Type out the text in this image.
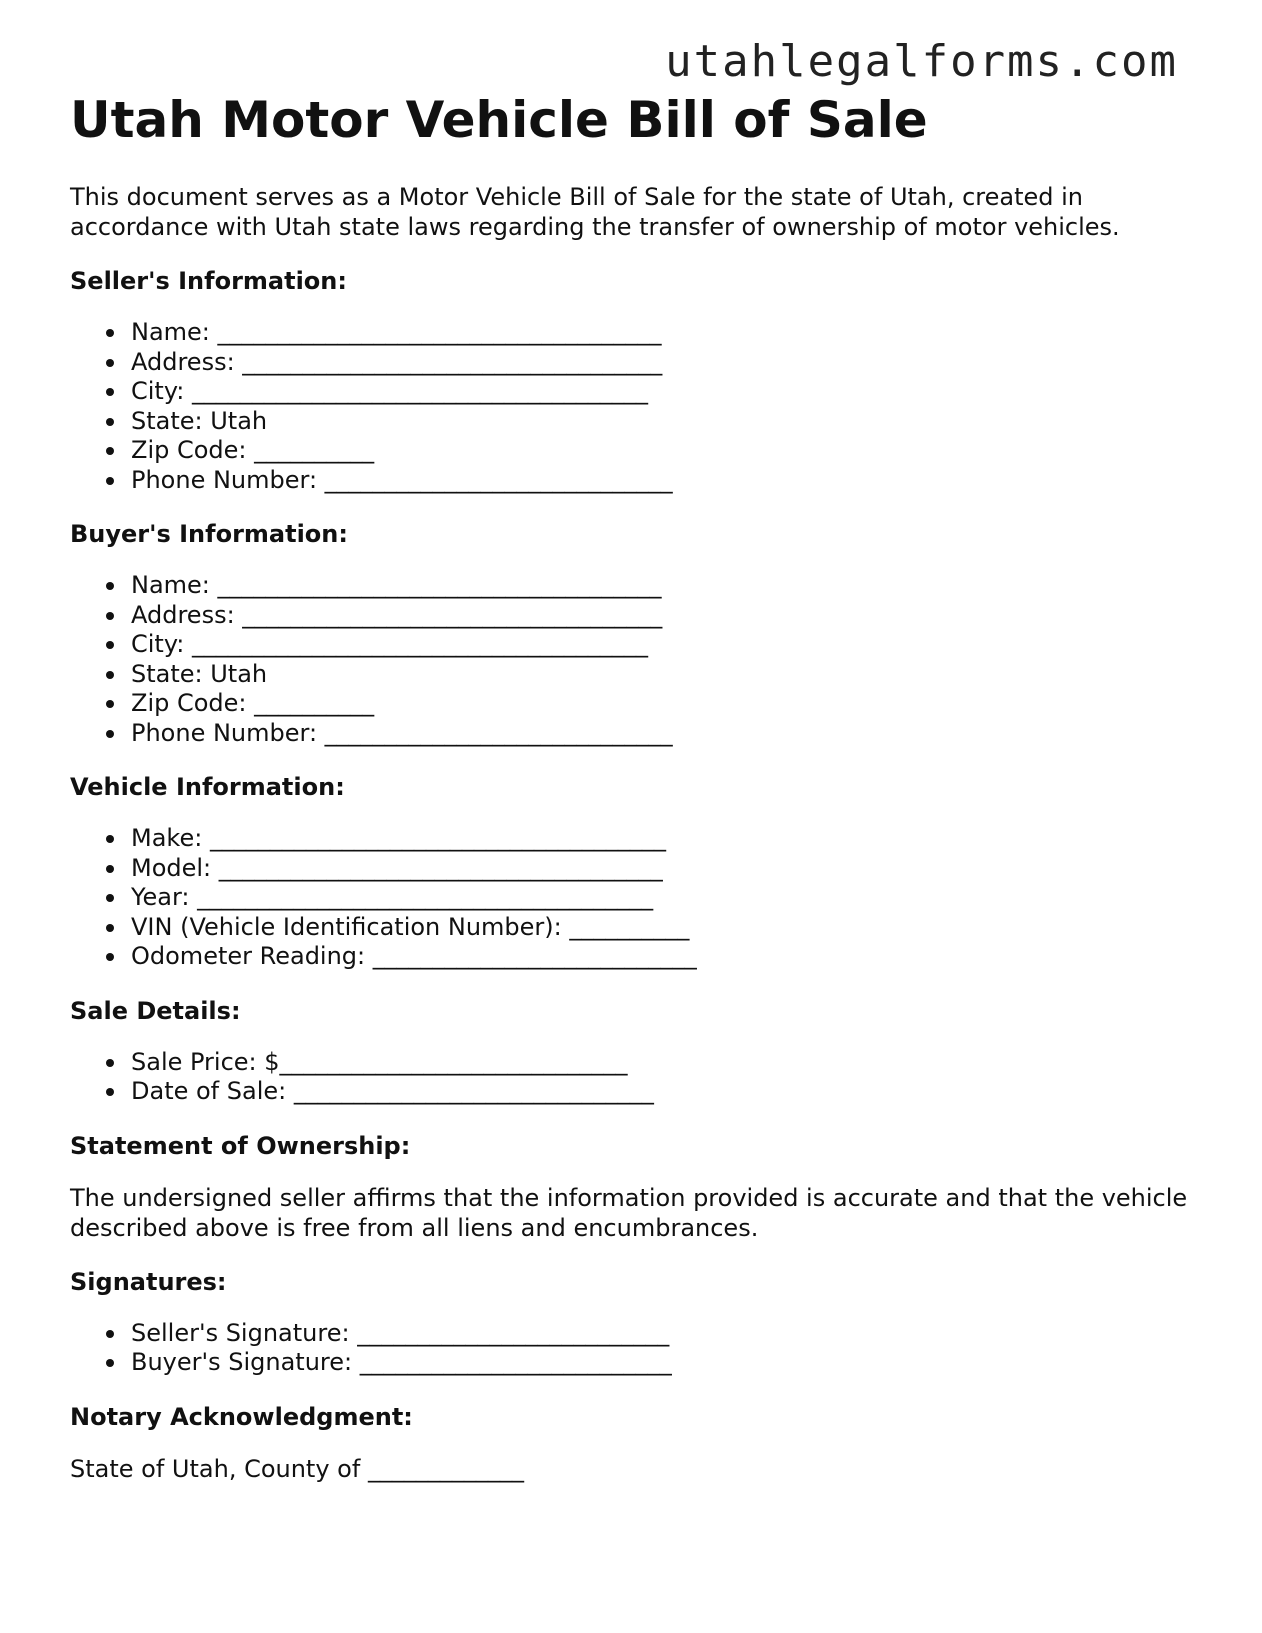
utahlegalforms.com
Utah Motor Vehicle Bill of Sale

This document serves as a Motor Vehicle Bill of Sale for the state of Utah, created in accordance with Utah state laws regarding the transfer of ownership of motor vehicles.

Seller's Information:
Name: _____________________________________
Address: ___________________________________
City: ______________________________________
State: Utah
Zip Code: __________
Phone Number: _____________________________
Buyer's Information:
Name: _____________________________________
Address: ___________________________________
City: ______________________________________
State: Utah
Zip Code: __________
Phone Number: _____________________________
Vehicle Information:
Make: ______________________________________
Model: _____________________________________
Year: ______________________________________
VIN (Vehicle Identification Number): __________
Odometer Reading: ___________________________
Sale Details:
Sale Price: $_____________________________
Date of Sale: ______________________________
Statement of Ownership:

The undersigned seller affirms that the information provided is accurate and that the vehicle described above is free from all liens and encumbrances.

Signatures:
Seller's Signature: __________________________
Buyer's Signature: __________________________
Notary Acknowledgment:

State of Utah, County of _____________
